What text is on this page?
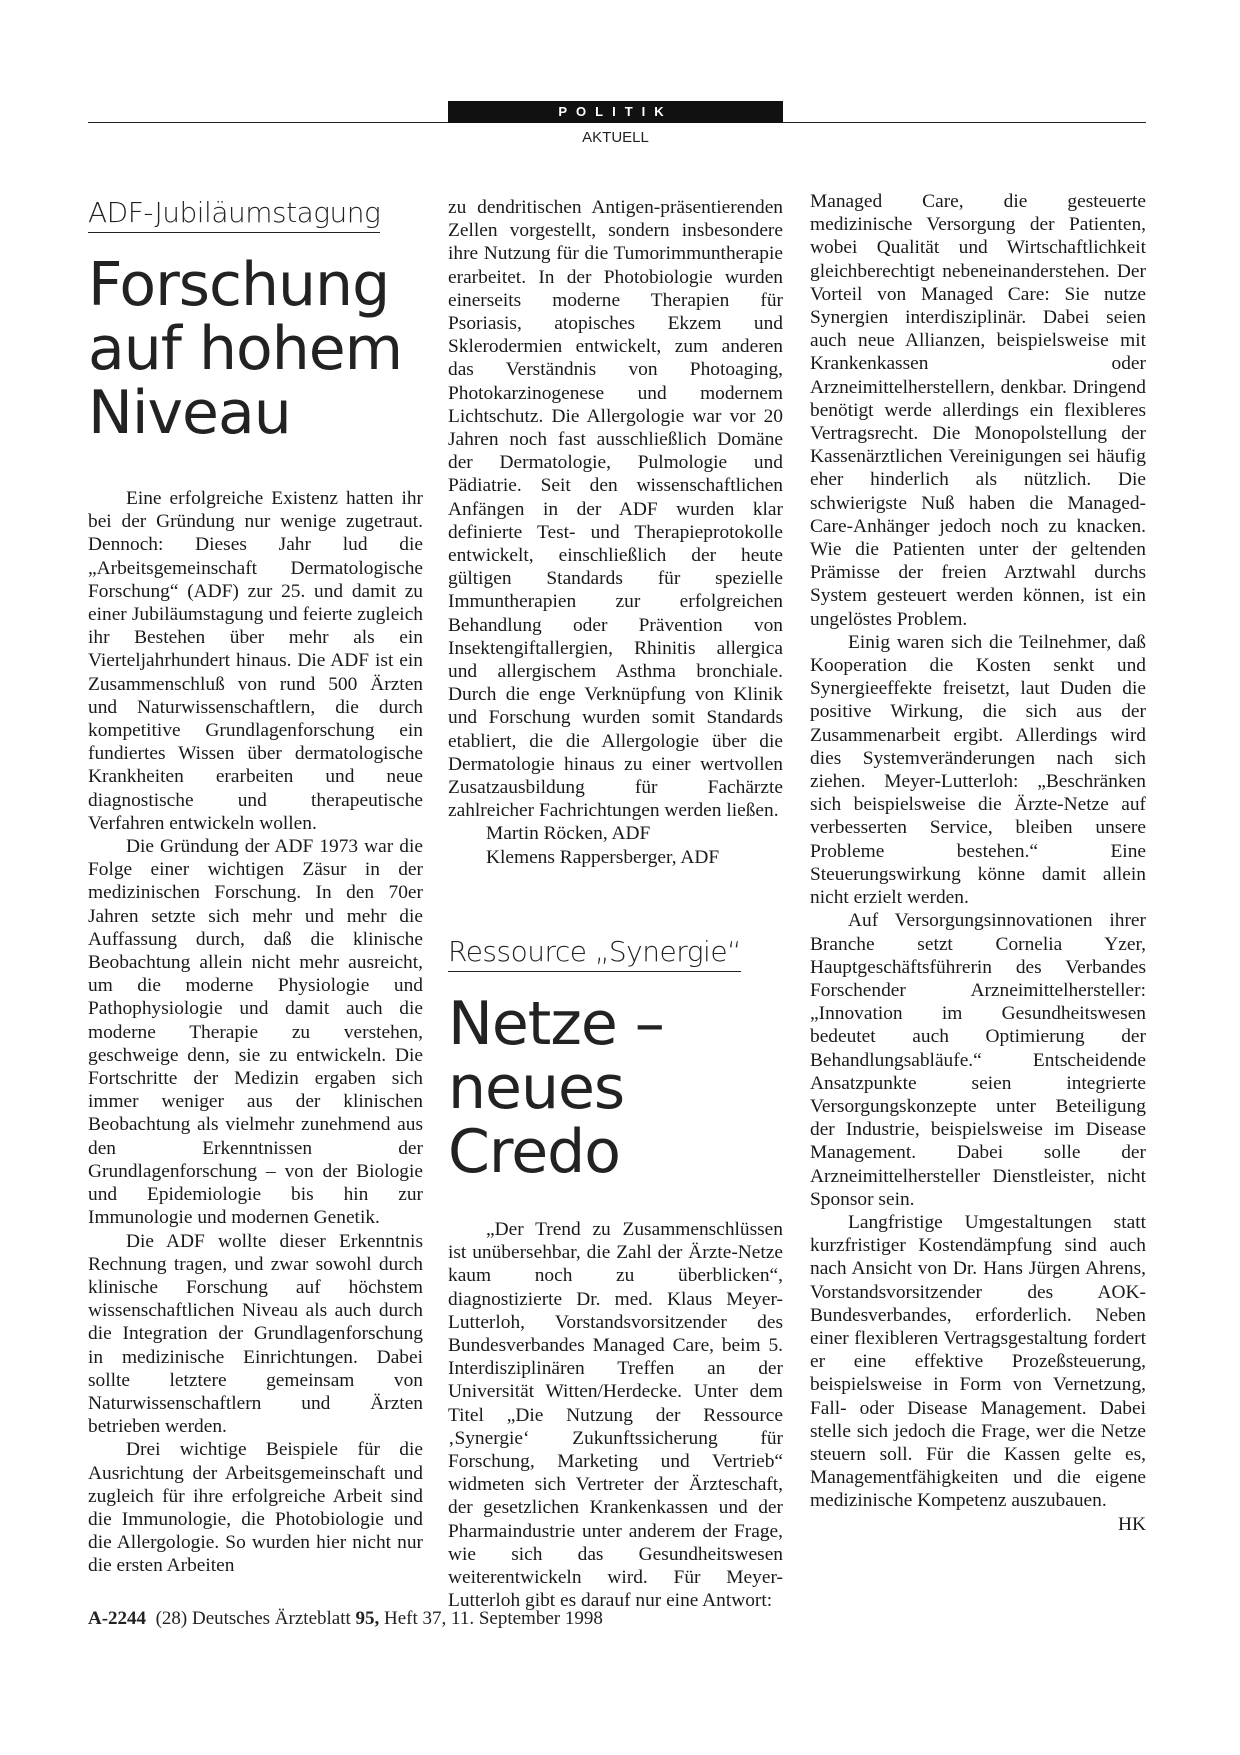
POLITIK
AKTUELL
ADF-Jubiläumstagung
Forschung
auf hohem
Niveau

Eine erfolgreiche Existenz hatten ihr bei der Gründung nur wenige zugetraut. Dennoch: Dieses Jahr lud die „Arbeitsgemeinschaft Dermatologische Forschung“ (ADF) zur 25. und damit zu einer Jubiläumstagung und feierte zugleich ihr Bestehen über mehr als ein Vierteljahrhundert hinaus. Die ADF ist ein Zusammenschluß von rund 500 Ärzten und Naturwissenschaftlern, die durch kompetitive Grundlagenforschung ein fundiertes Wissen über dermatologische Krankheiten erarbeiten und neue diagnostische und therapeutische Verfahren entwickeln wollen.

Die Gründung der ADF 1973 war die Folge einer wichtigen Zäsur in der medizinischen Forschung. In den 70er Jahren setzte sich mehr und mehr die Auffassung durch, daß die klinische Beobachtung allein nicht mehr ausreicht, um die moderne Physiologie und Pathophysiologie und damit auch die moderne Therapie zu verstehen, geschweige denn, sie zu entwickeln. Die Fortschritte der Medizin ergaben sich immer weniger aus der klinischen Beobachtung als vielmehr zunehmend aus den Erkenntnissen der Grundlagenforschung – von der Biologie und Epidemiologie bis hin zur Immunologie und modernen Genetik.

Die ADF wollte dieser Erkenntnis Rechnung tragen, und zwar sowohl durch klinische Forschung auf höchstem wissenschaftlichen Niveau als auch durch die Integration der Grundlagenforschung in medizinische Einrichtungen. Dabei sollte letztere gemeinsam von Naturwissenschaftlern und Ärzten betrieben werden.

Drei wichtige Beispiele für die Ausrichtung der Arbeitsgemeinschaft und zugleich für ihre erfolgreiche Arbeit sind die Immunologie, die Photobiologie und die Allergologie. So wurden hier nicht nur die ersten Arbeiten

zu dendritischen Antigen-präsentierenden Zellen vorgestellt, sondern insbesondere ihre Nutzung für die Tumorimmuntherapie erarbeitet. In der Photobiologie wurden einerseits moderne Therapien für Psoriasis, atopisches Ekzem und Sklerodermien entwickelt, zum anderen das Verständnis von Photoaging, Photokarzinogenese und modernem Lichtschutz. Die Allergologie war vor 20 Jahren noch fast ausschließlich Domäne der Dermatologie, Pulmologie und Pädiatrie. Seit den wissenschaftlichen Anfängen in der ADF wurden klar definierte Test- und Therapieprotokolle entwickelt, einschließlich der heute gültigen Standards für spezielle Immuntherapien zur erfolgreichen Behandlung oder Prävention von Insektengiftallergien, Rhinitis allergica und allergischem Asthma bronchiale. Durch die enge Verknüpfung von Klinik und Forschung wurden somit Standards etabliert, die die Allergologie über die Dermatologie hinaus zu einer wertvollen Zusatzausbildung für Fachärzte zahlreicher Fachrichtungen werden ließen.

Martin Röcken, ADF
Klemens Rappersberger, ADF
Ressource „Synergie“
Netze –
neues Credo

„Der Trend zu Zusammenschlüssen ist unübersehbar, die Zahl der Ärzte-Netze kaum noch zu überblicken“, diagnostizierte Dr. med. Klaus Meyer-Lutterloh, Vorstandsvorsitzender des Bundesverbandes Managed Care, beim 5. Interdisziplinären Treffen an der Universität Witten/Herdecke. Unter dem Titel „Die Nutzung der Ressource ‚Synergie‘ Zukunftssicherung für Forschung, Marketing und Vertrieb“ widmeten sich Vertreter der Ärzteschaft, der gesetzlichen Krankenkassen und der Pharmaindustrie unter anderem der Frage, wie sich das Gesundheitswesen weiterentwickeln wird. Für Meyer-Lutterloh gibt es darauf nur eine Antwort:

Managed Care, die gesteuerte medizinische Versorgung der Patienten, wobei Qualität und Wirtschaftlichkeit gleichberechtigt nebeneinanderstehen. Der Vorteil von Managed Care: Sie nutze Synergien interdisziplinär. Dabei seien auch neue Allianzen, beispielsweise mit Krankenkassen oder Arzneimittelherstellern, denkbar. Dringend benötigt werde allerdings ein flexibleres Vertragsrecht. Die Monopolstellung der Kassenärztlichen Vereinigungen sei häufig eher hinderlich als nützlich. Die schwierigste Nuß haben die Managed-Care-Anhänger jedoch noch zu knacken. Wie die Patienten unter der geltenden Prämisse der freien Arztwahl durchs System gesteuert werden können, ist ein ungelöstes Problem.

Einig waren sich die Teilnehmer, daß Kooperation die Kosten senkt und Synergieeffekte freisetzt, laut Duden die positive Wirkung, die sich aus der Zusammenarbeit ergibt. Allerdings wird dies Systemveränderungen nach sich ziehen. Meyer-Lutterloh: „Beschränken sich beispielsweise die Ärzte-Netze auf verbesserten Service, bleiben unsere Probleme bestehen.“ Eine Steuerungswirkung könne damit allein nicht erzielt werden.

Auf Versorgungsinnovationen ihrer Branche setzt Cornelia Yzer, Hauptgeschäftsführerin des Verbandes Forschender Arzneimittelhersteller: „Innovation im Gesundheitswesen bedeutet auch Optimierung der Behandlungsabläufe.“ Entscheidende Ansatzpunkte seien integrierte Versorgungskonzepte unter Beteiligung der Industrie, beispielsweise im Disease Management. Dabei solle der Arzneimittelhersteller Dienstleister, nicht Sponsor sein.

Langfristige Umgestaltungen statt kurzfristiger Kostendämpfung sind auch nach Ansicht von Dr. Hans Jürgen Ahrens, Vorstandsvorsitzender des AOK-Bundesverbandes, erforderlich. Neben einer flexibleren Vertragsgestaltung fordert er eine effektive Prozeßsteuerung, beispielsweise in Form von Vernetzung, Fall- oder Disease Management. Dabei stelle sich jedoch die Frage, wer die Netze steuern soll. Für die Kassen gelte es, Managementfähigkeiten und die eigene medizinische Kompetenz auszubauen.
HK

A-2244 (28) Deutsches Ärzteblatt 95, Heft 37, 11. September 1998
